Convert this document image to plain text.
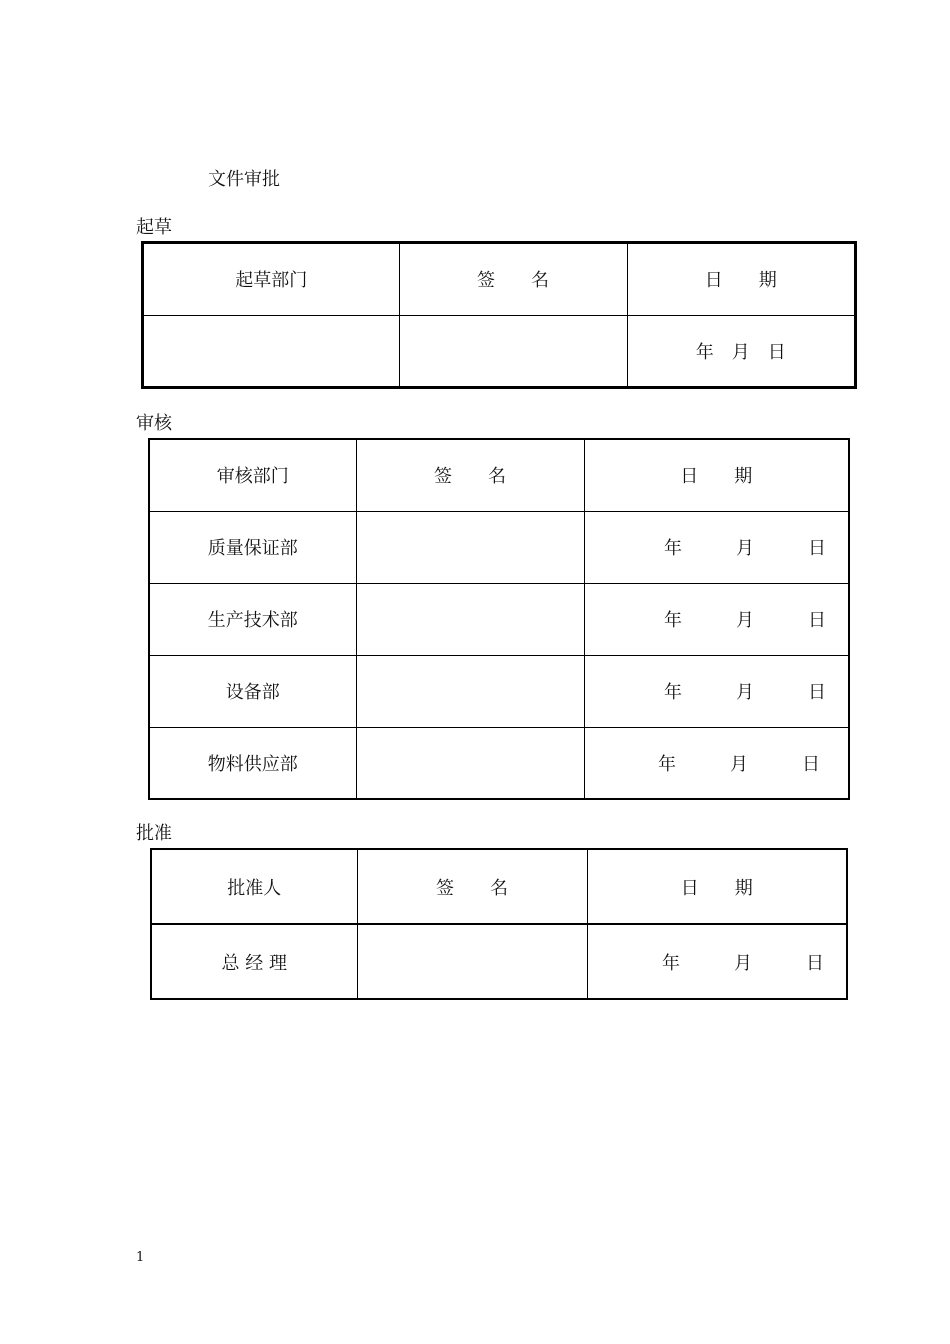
文件审批
起草
起草部门	签　　名	日　　期
		年　月　日
审核
审核部门	签　　名	日　　期
质量保证部		年　　　月　　　日
生产技术部		年　　　月　　　日
设备部		年　　　月　　　日
物料供应部		年　　　月　　　日
批准
批准人	签　　名	日　　期
总 经 理		年　　　月　　　日
1
